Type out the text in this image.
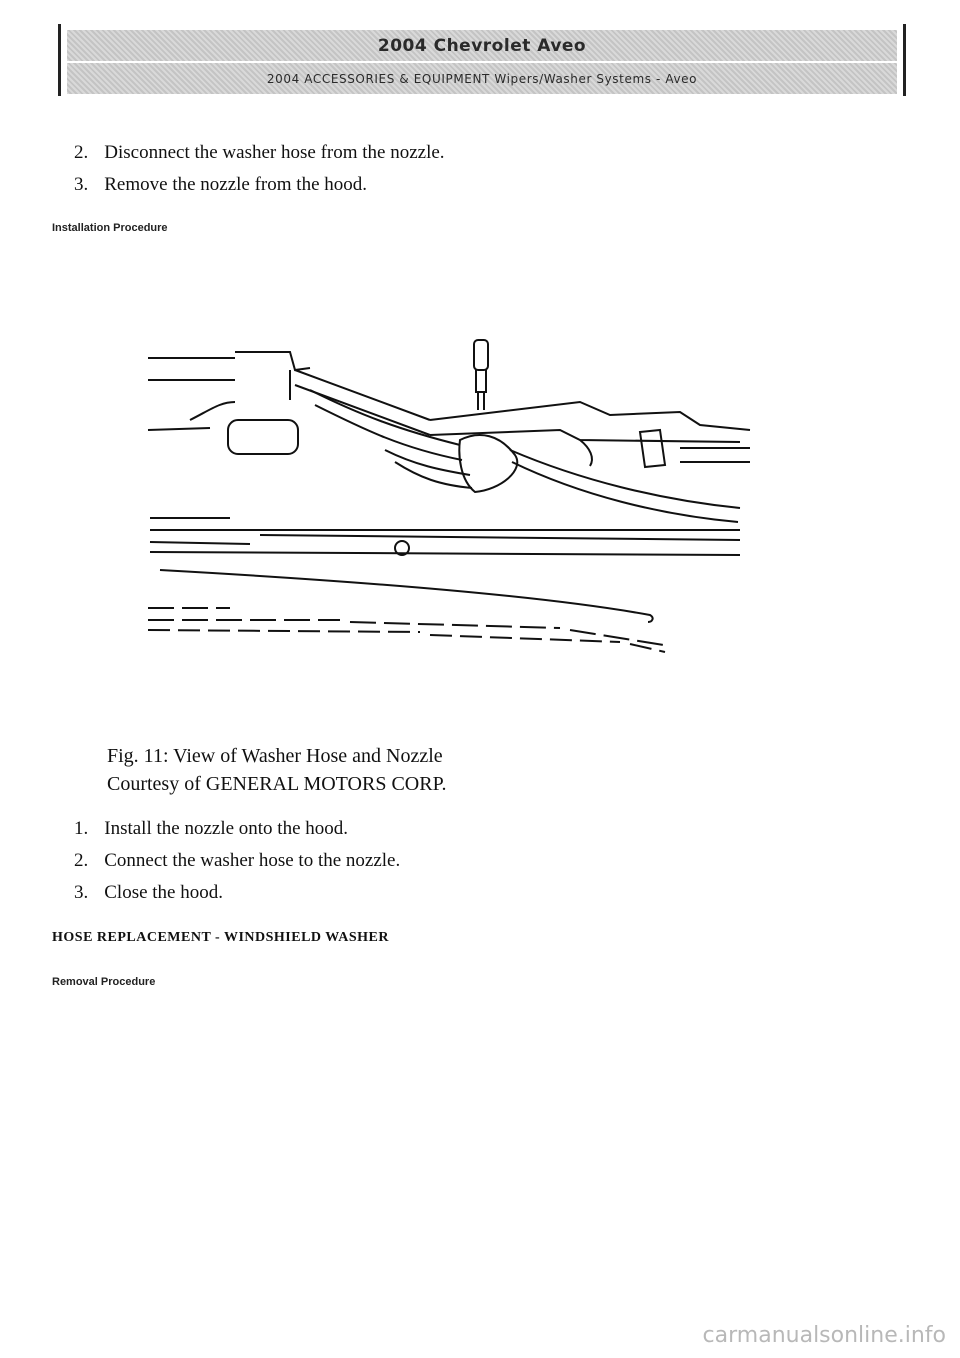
2004 Chevrolet Aveo
2004 ACCESSORIES & EQUIPMENT Wipers/Washer Systems - Aveo
2. Disconnect the washer hose from the nozzle.
3. Remove the nozzle from the hood.
Installation Procedure
Fig. 11: View of Washer Hose and Nozzle
Courtesy of GENERAL MOTORS CORP.
1. Install the nozzle onto the hood.
2. Connect the washer hose to the nozzle.
3. Close the hood.
HOSE REPLACEMENT - WINDSHIELD WASHER
Removal Procedure
carmanualsonline.info
